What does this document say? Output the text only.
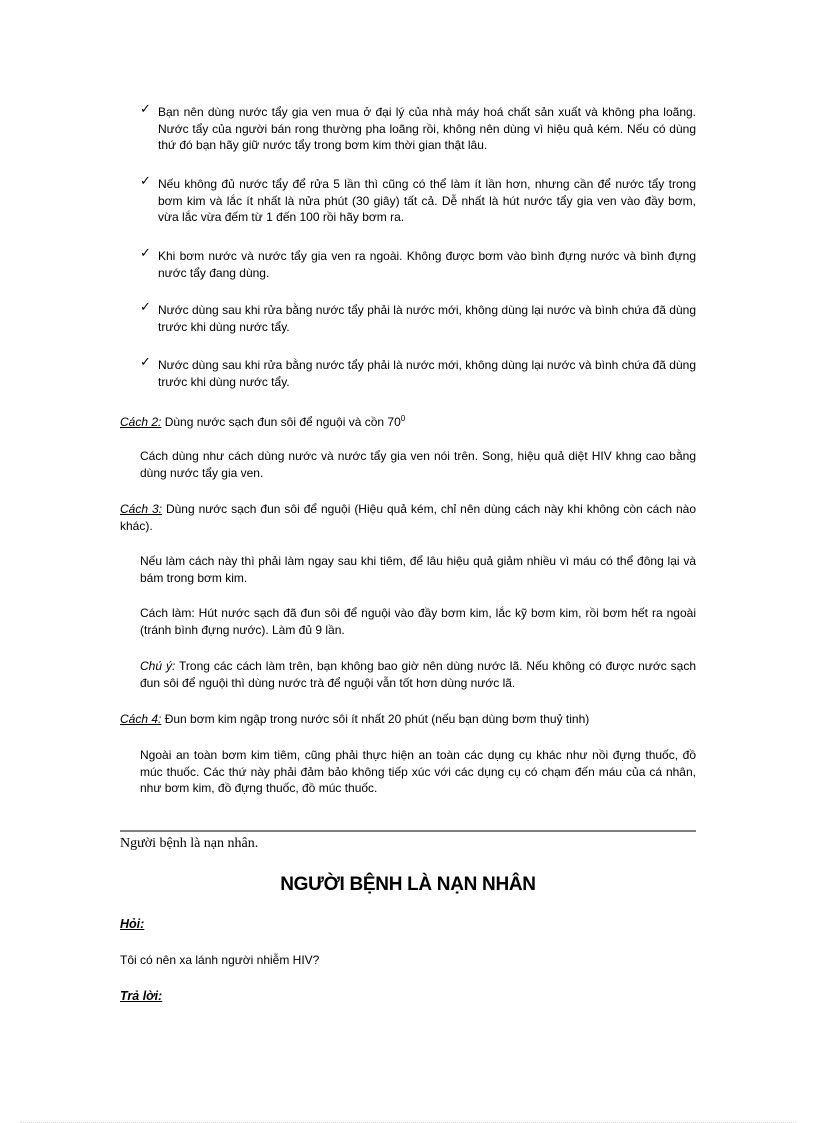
✓ Bạn nên dùng nước tẩy gia ven mua ở đại lý của nhà máy hoá chất sản xuất và không pha loãng. Nước tẩy của người bán rong thường pha loãng rồi, không nên dùng vì hiệu quả kém. Nếu có dùng thứ đó bạn hãy giữ nước tẩy trong bơm kim thời gian thật lâu.
✓ Nếu không đủ nước tẩy để rửa 5 lần thì cũng có thể làm ít lần hơn, nhưng cần để nước tẩy trong bơm kim và lắc ít nhất là nửa phút (30 giây) tất cả. Dễ nhất là hút nước tẩy gia ven vào đầy bơm, vừa lắc vừa đếm từ 1 đến 100 rồi hãy bơm ra.
✓ Khi bơm nước và nước tẩy gia ven ra ngoài. Không được bơm vào bình đựng nước và bình đựng nước tẩy đang dùng.
✓ Nước dùng sau khi rửa bằng nước tẩy phải là nước mới, không dùng lại nước và bình chứa đã dùng trước khi dùng nước tẩy.
✓ Nước dùng sau khi rửa bằng nước tẩy phải là nước mới, không dùng lại nước và bình chứa đã dùng trước khi dùng nước tẩy.
Cách 2: Dùng nước sạch đun sôi để nguội và cồn $70^0$

Cách dùng như cách dùng nước và nước tẩy gia ven nói trên. Song, hiệu quả diệt HIV khng cao bằng dùng nước tẩy gia ven.

Cách 3: Dùng nước sạch đun sôi để nguội (Hiệu quả kém, chỉ nên dùng cách này khi không còn cách nào khác).

Nếu làm cách này thì phải làm ngay sau khi tiêm, để lâu hiệu quả giảm nhiều vì máu có thể đông lại và bám trong bơm kim.

Cách làm: Hút nước sạch đã đun sôi để nguội vào đầy bơm kim, lắc kỹ bơm kim, rồi bơm hết ra ngoài (tránh bình đựng nước). Làm đủ 9 lần.

Chú ý: Trong các cách làm trên, bạn không bao giờ nên dùng nước lã. Nếu không có được nước sạch đun sôi để nguội thì dùng nước trà để nguội vẫn tốt hơn dùng nước lã.

Cách 4: Đun bơm kim ngập trong nước sôi ít nhất 20 phút (nếu bạn dùng bơm thuỷ tinh)

Ngoài an toàn bơm kim tiêm, cũng phải thực hiện an toàn các dụng cụ khác như nồi đựng thuốc, đồ múc thuốc. Các thứ này phải đảm bảo không tiếp xúc với các dụng cụ có chạm đến máu của cá nhân, như bơm kim, đồ đựng thuốc, đồ múc thuốc.

Người bệnh là nạn nhân.
NGƯỜI BỆNH LÀ NẠN NHÂN
Hỏi:
Tôi có nên xa lánh người nhiễm HIV?
Trả lời:
